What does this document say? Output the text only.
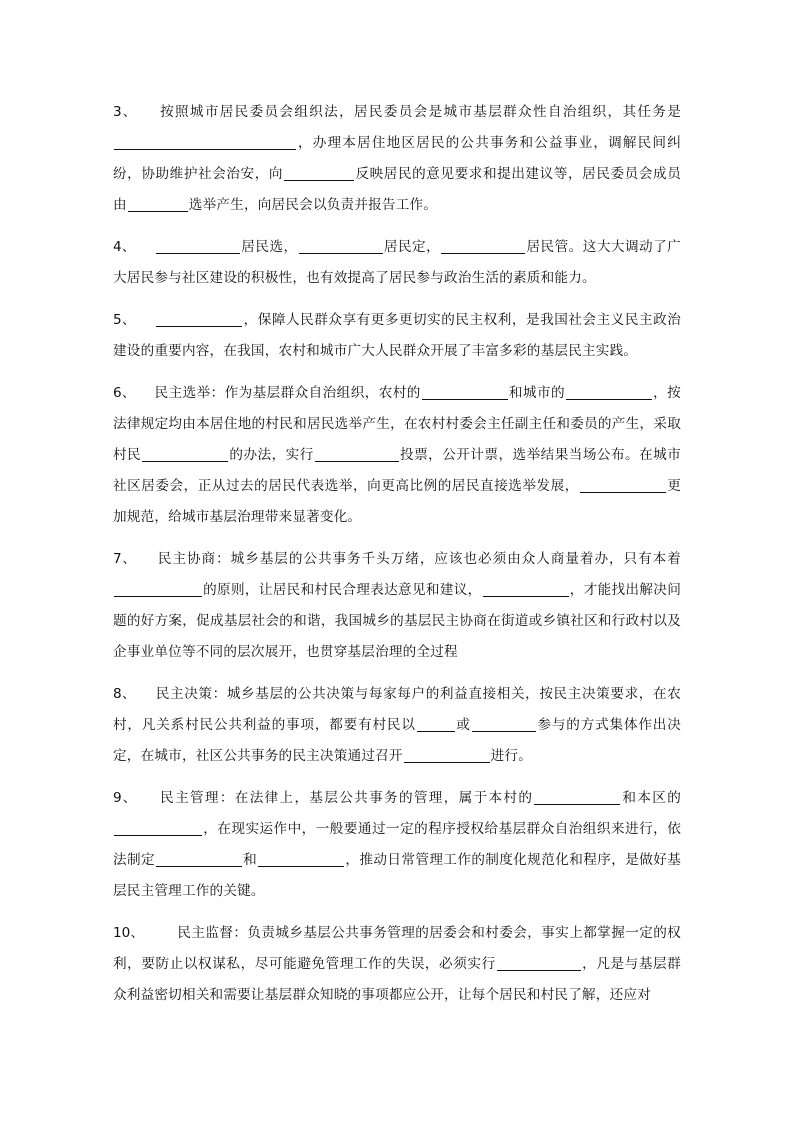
3、 按照城市居民委员会组织法，居民委员会是城市基层群众性自治组织，其任务是，办理本居住地区居民的公共事务和公益事业，调解民间纠纷，协助维护社会治安，向	反映居民的意见要求和提出建议等，居民委员会成员由	选举产生，向居民会以负责并报告工作。

4、	居民选，	居民定，	居民管。这大大调动了广大居民参与社区建设的积极性，也有效提高了居民参与政治生活的素质和能力。

5、	，保障人民群众享有更多更切实的民主权利，是我国社会主义民主政治建设的重要内容，在我国，农村和城市广大人民群众开展了丰富多彩的基层民主实践。

6、 民主选举：作为基层群众自治组织，农村的	和城市的	，按法律规定均由本居住地的村民和居民选举产生，在农村村委会主任副主任和委员的产生，采取村民	的办法，实行	投票，公开计票，选举结果当场公布。在城市社区居委会，正从过去的居民代表选举，向更高比例的居民直接选举发展，	更加规范，给城市基层治理带来显著变化。

7、 民主协商：城乡基层的公共事务千头万绪，应该也必须由众人商量着办，只有本着的原则，让居民和村民合理表达意见和建议，	，才能找出解决问题的好方案，促成基层社会的和谐，我国城乡的基层民主协商在街道或乡镇社区和行政村以及企事业单位等不同的层次展开，也贯穿基层治理的全过程

8、 民主决策：城乡基层的公共决策与每家每户的利益直接相关，按民主决策要求，在农村，凡关系村民公共利益的事项，都要有村民以	或	参与的方式集体作出决定，在城市，社区公共事务的民主决策通过召开	进行。

9、 民主管理：在法律上，基层公共事务的管理，属于本村的	和本区的，在现实运作中，一般要通过一定的程序授权给基层群众自治组织来进行，依法制定	和	，推动日常管理工作的制度化规范化和程序，是做好基层民主管理工作的关键。

10、 民主监督：负责城乡基层公共事务管理的居委会和村委会，事实上都掌握一定的权利，要防止以权谋私，尽可能避免管理工作的失误，必须实行	，凡是与基层群众利益密切相关和需要让基层群众知晓的事项都应公开，让每个居民和村民了解，还应对
